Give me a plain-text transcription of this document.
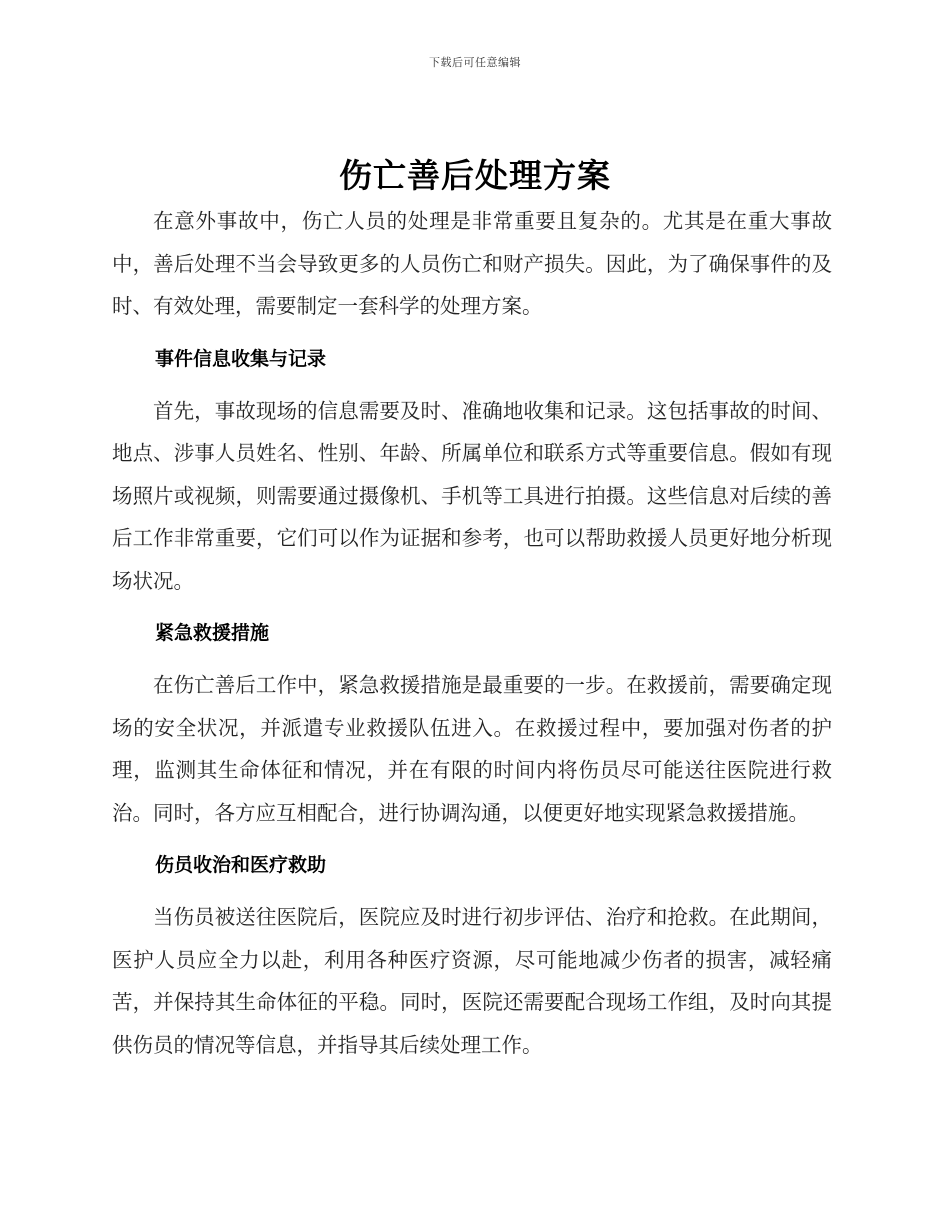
下载后可任意编辑
伤亡善后处理方案

在意外事故中，伤亡人员的处理是非常重要且复杂的。尤其是在重大事故中，善后处理不当会导致更多的人员伤亡和财产损失。因此，为了确保事件的及时、有效处理，需要制定一套科学的处理方案。

事件信息收集与记录

首先，事故现场的信息需要及时、准确地收集和记录。这包括事故的时间、地点、涉事人员姓名、性别、年龄、所属单位和联系方式等重要信息。假如有现场照片或视频，则需要通过摄像机、手机等工具进行拍摄。这些信息对后续的善后工作非常重要，它们可以作为证据和参考，也可以帮助救援人员更好地分析现场状况。

紧急救援措施

在伤亡善后工作中，紧急救援措施是最重要的一步。在救援前，需要确定现场的安全状况，并派遣专业救援队伍进入。在救援过程中，要加强对伤者的护理，监测其生命体征和情况，并在有限的时间内将伤员尽可能送往医院进行救治。同时，各方应互相配合，进行协调沟通，以便更好地实现紧急救援措施。

伤员收治和医疗救助

当伤员被送往医院后，医院应及时进行初步评估、治疗和抢救。在此期间，医护人员应全力以赴，利用各种医疗资源，尽可能地减少伤者的损害，减轻痛苦，并保持其生命体征的平稳。同时，医院还需要配合现场工作组，及时向其提供伤员的情况等信息，并指导其后续处理工作。
